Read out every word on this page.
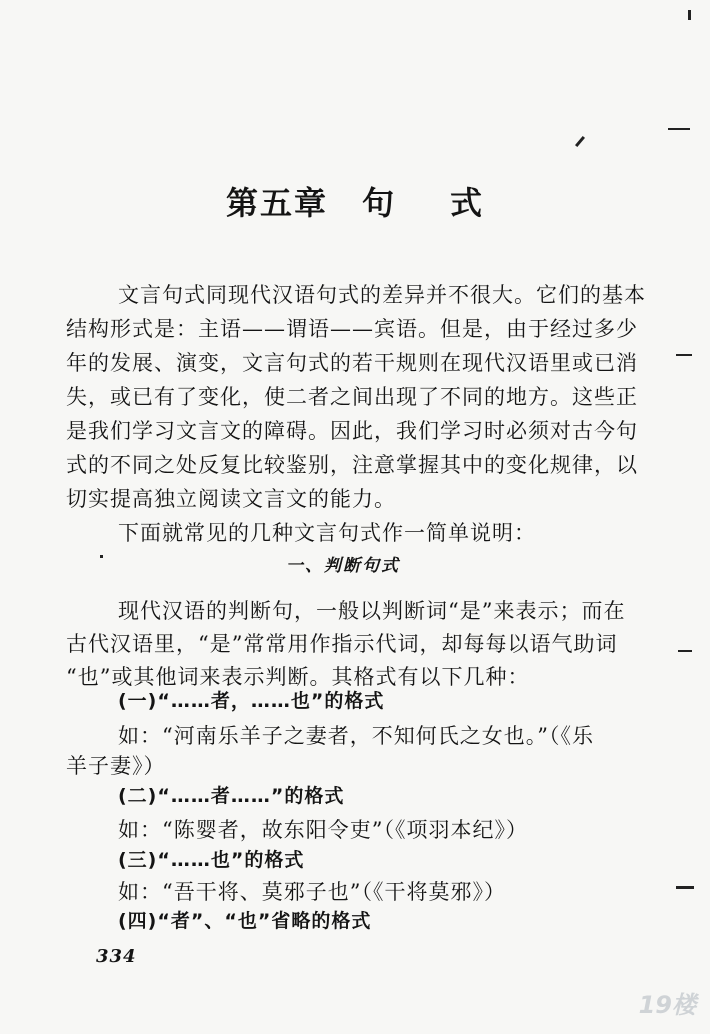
第五章 句 式
文言句式同现代汉语句式的差异并不很大。它们的基本
结构形式是：主语——谓语——宾语。但是，由于经过多少
年的发展、演变，文言句式的若干规则在现代汉语里或已消
失，或已有了变化，使二者之间出现了不同的地方。这些正
是我们学习文言文的障碍。因此，我们学习时必须对古今句
式的不同之处反复比较鉴别，注意掌握其中的变化规律，以
切实提高独立阅读文言文的能力。
下面就常见的几种文言句式作一简单说明：
一、判断句式
现代汉语的判断句，一般以判断词“是”来表示；而在
古代汉语里，“是”常常用作指示代词，却每每以语气助词
“也”或其他词来表示判断。其格式有以下几种：
(一)“……者，……也”的格式
如：“河南乐羊子之妻者，不知何氏之女也。”（《乐
羊子妻》）
(二)“……者……”的格式
如：“陈婴者，故东阳令吏”（《项羽本纪》）
(三)“……也”的格式
如：“吾干将、莫邪子也”（《干将莫邪》）
(四)“者”、“也”省略的格式
334
19楼
